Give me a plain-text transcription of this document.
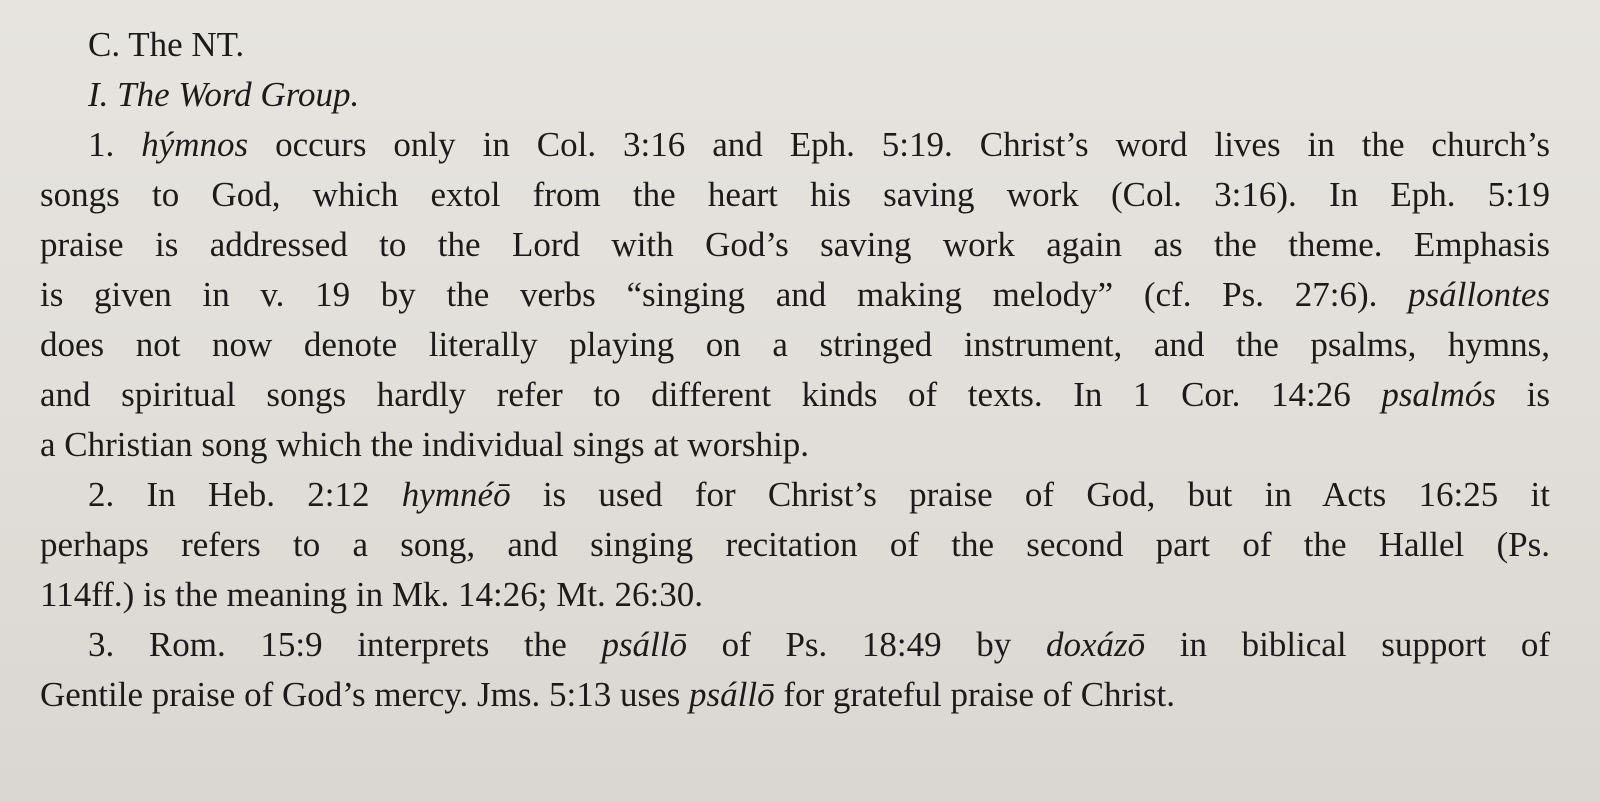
C. The NT.
I. The Word Group.
1. hýmnos occurs only in Col. 3:16 and Eph. 5:19. Christ’s word lives in the church’s
songs to God, which extol from the heart his saving work (Col. 3:16). In Eph. 5:19
praise is addressed to the Lord with God’s saving work again as the theme. Emphasis
is given in v. 19 by the verbs “singing and making melody” (cf. Ps. 27:6). psállontes
does not now denote literally playing on a stringed instrument, and the psalms, hymns,
and spiritual songs hardly refer to different kinds of texts. In 1 Cor. 14:26 psalmós is
a Christian song which the individual sings at worship.
2. In Heb. 2:12 hymnéō is used for Christ’s praise of God, but in Acts 16:25 it
perhaps refers to a song, and singing recitation of the second part of the Hallel (Ps.
114ff.) is the meaning in Mk. 14:26; Mt. 26:30.
3. Rom. 15:9 interprets the psállō of Ps. 18:49 by doxázō in biblical support of
Gentile praise of God’s mercy. Jms. 5:13 uses psállō for grateful praise of Christ.
